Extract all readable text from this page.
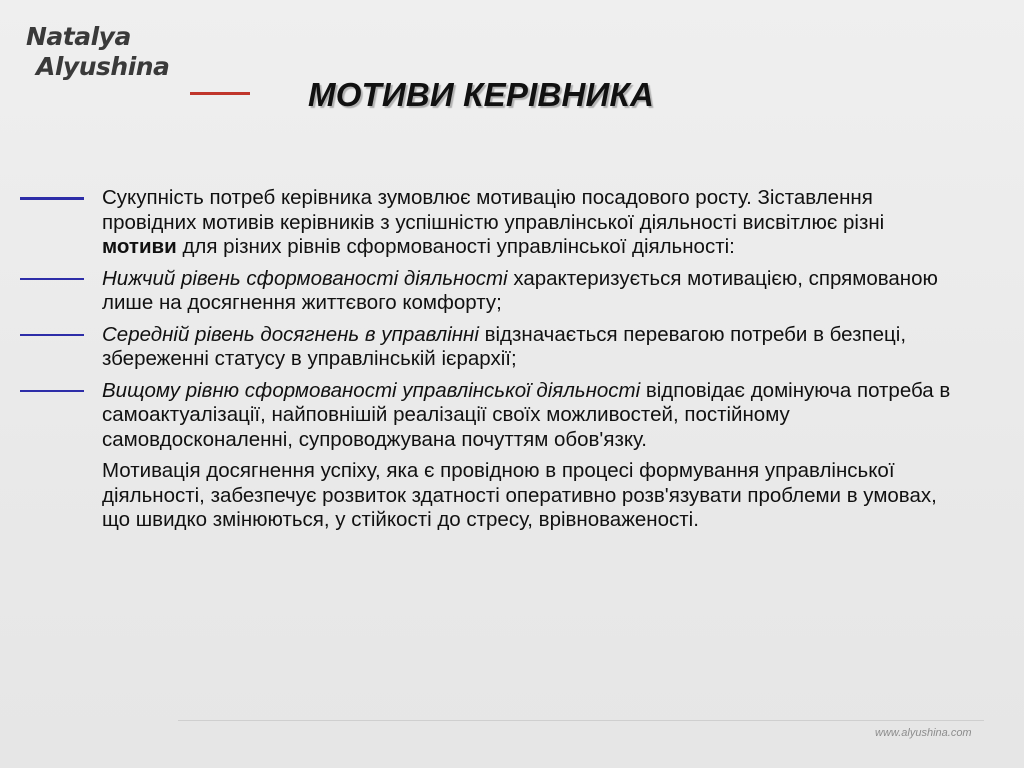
Natalya
Alyushina
МОТИВИ КЕРІВНИКА

Сукупність потреб керівника зумовлює мотивацію посадового росту. Зіставлення провідних мотивів керівників з успішністю управлінської діяльності висвітлює різні мотиви для різних рівнів сформованості управлінської діяльності:

Нижчий рівень сформованості діяльності характеризується мотивацією, спрямованою лише на досягнення життєвого комфорту;

Середній рівень досягнень в управлінні відзначається перевагою потреби в безпеці, збереженні статусу в управлінській ієрархії;

Вищому рівню сформованості управлінської діяльності відповідає домінуюча потреба в самоактуалізації, найповнішій реалізації своїх можливостей, постійному самовдосконаленні, супроводжувана почуттям обов'язку.

Мотивація досягнення успіху, яка є провідною в процесі формування управлінської діяльності, забезпечує розвиток здатності оперативно розв'язувати проблеми в умовах, що швидко змінюються, у стійкості до стресу, врівноваженості.

www.alyushina.com
